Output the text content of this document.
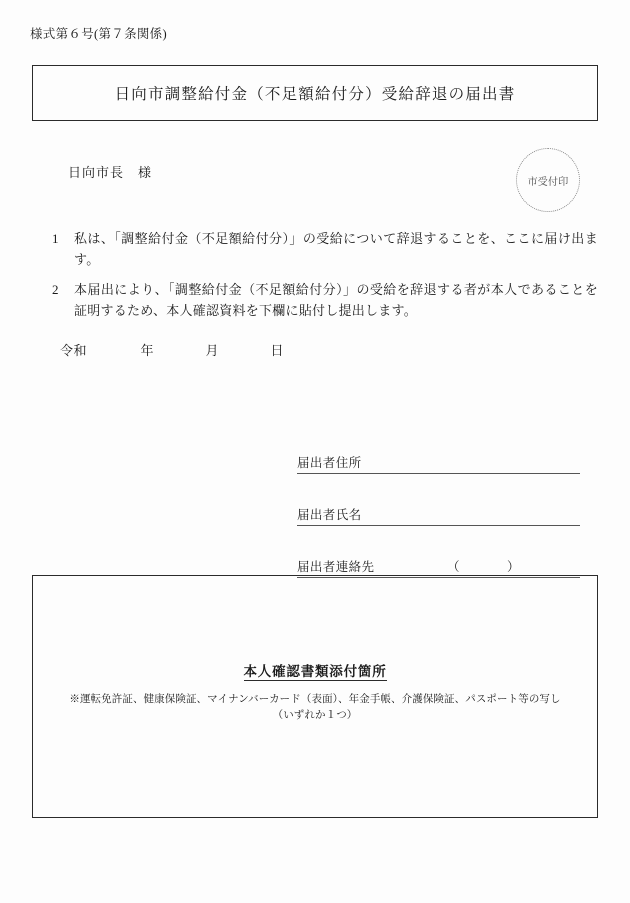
様式第６号(第７条関係)
日向市調整給付金（不足額給付分）受給辞退の届出書
日向市長　様
市受付印
1	私は、「調整給付金（不足額給付分）」の受給について辞退することを、ここに届け出ます。
2	本届出により、「調整給付金（不足額給付分）」の受給を辞退する者が本人であることを証明するため、本人確認資料を下欄に貼付し提出します。
令和	年	月	日
届出者住所
届出者氏名
届出者連絡先	（	）
本人確認書類添付箇所
※運転免許証、健康保険証、マイナンバーカード（表面）、年金手帳、介護保険証、パスポート等の写し
（いずれか１つ）
